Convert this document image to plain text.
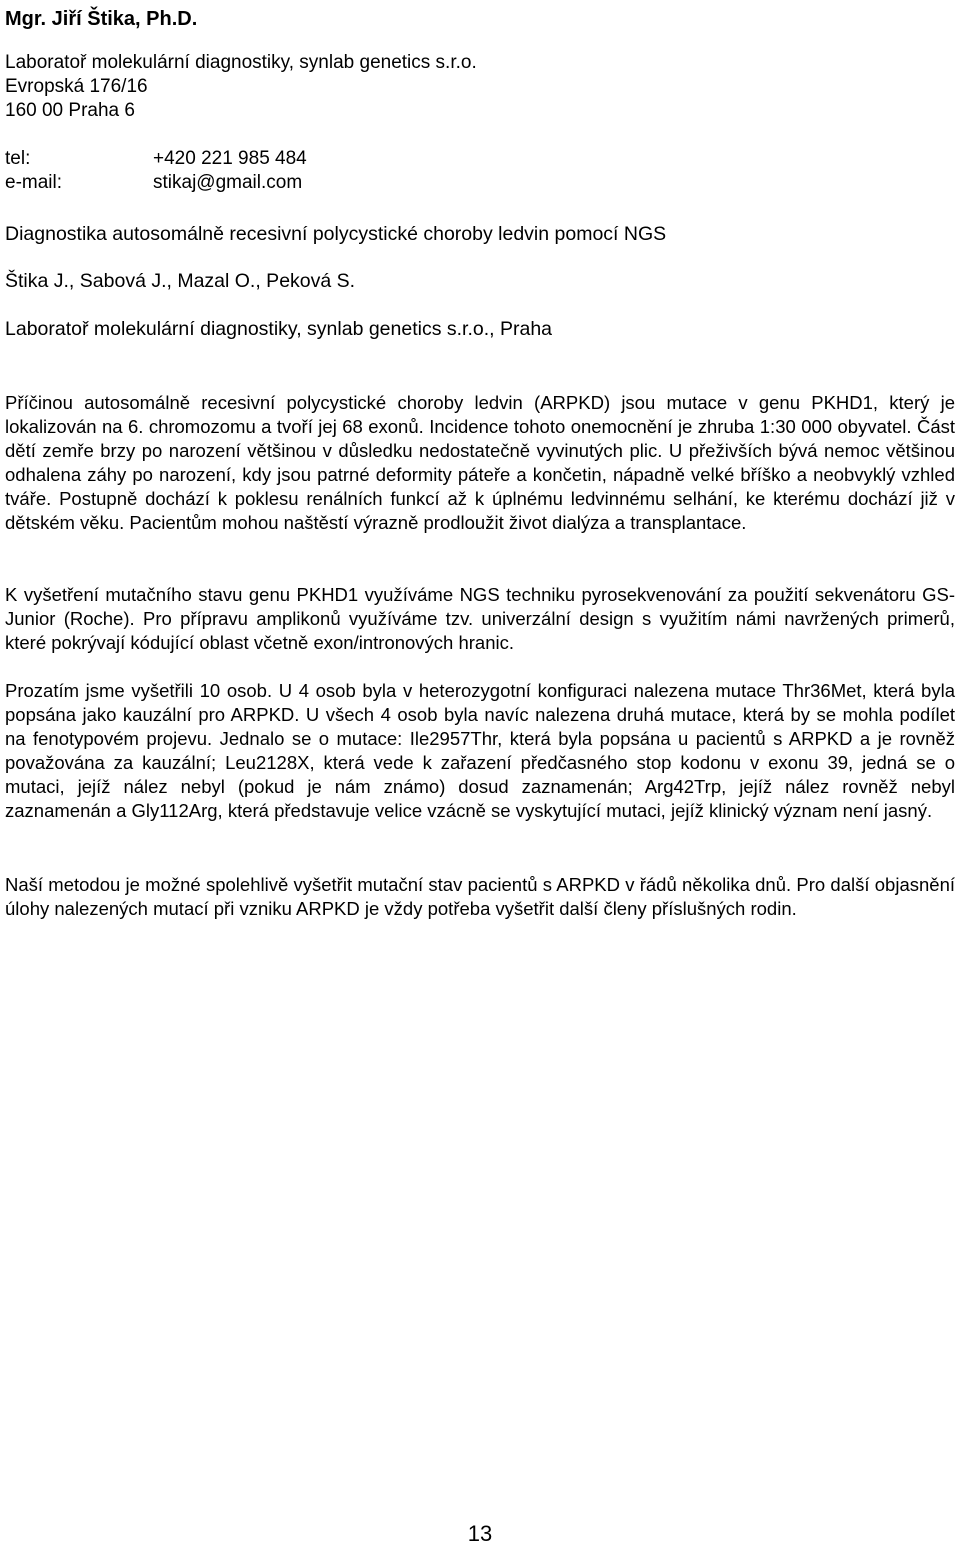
Mgr. Jiří Štika, Ph.D.
Laboratoř molekulární diagnostiky, synlab genetics s.r.o.
Evropská 176/16
160 00 Praha 6
tel:	+420 221 985 484
e-mail:	stikaj@gmail.com
Diagnostika autosomálně recesivní polycystické choroby ledvin pomocí NGS
Štika J., Sabová J., Mazal O., Peková S.
Laboratoř molekulární diagnostiky, synlab genetics s.r.o., Praha

Příčinou autosomálně recesivní polycystické choroby ledvin (ARPKD) jsou mutace v genu PKHD1, který je lokalizován na 6. chromozomu a tvoří jej 68 exonů. Incidence tohoto onemocnění je zhruba 1:30 000 obyvatel. Část dětí zemře brzy po narození většinou v důsledku nedostatečně vyvinutých plic. U přeživších bývá nemoc většinou odhalena záhy po narození, kdy jsou patrné deformity páteře a končetin, nápadně velké bříško a neobvyklý vzhled tváře. Postupně dochází k poklesu renálních funkcí až k úplnému ledvinnému selhání, ke kterému dochází již v dětském věku. Pacientům mohou naštěstí výrazně prodloužit život dialýza a transplantace.

K vyšetření mutačního stavu genu PKHD1 využíváme NGS techniku pyrosekvenování za použití sekvenátoru GS-Junior (Roche). Pro přípravu amplikonů využíváme tzv. univerzální design s využitím námi navržených primerů, které pokrývají kódující oblast včetně exon/intronových hranic.

Prozatím jsme vyšetřili 10 osob. U 4 osob byla v heterozygotní konfiguraci nalezena mutace Thr36Met, která byla popsána jako kauzální pro ARPKD. U všech 4 osob byla navíc nalezena druhá mutace, která by se mohla podílet na fenotypovém projevu. Jednalo se o mutace: Ile2957Thr, která byla popsána u pacientů s ARPKD a je rovněž považována za kauzální; Leu2128X, která vede k zařazení předčasného stop kodonu v exonu 39, jedná se o mutaci, jejíž nález nebyl (pokud je nám známo) dosud zaznamenán; Arg42Trp, jejíž nález rovněž nebyl zaznamenán a Gly112Arg, která představuje velice vzácně se vyskytující mutaci, jejíž klinický význam není jasný.

Naší metodou je možné spolehlivě vyšetřit mutační stav pacientů s ARPKD v řádů několika dnů. Pro další objasnění úlohy nalezených mutací při vzniku ARPKD je vždy potřeba vyšetřit další členy příslušných rodin.

13
